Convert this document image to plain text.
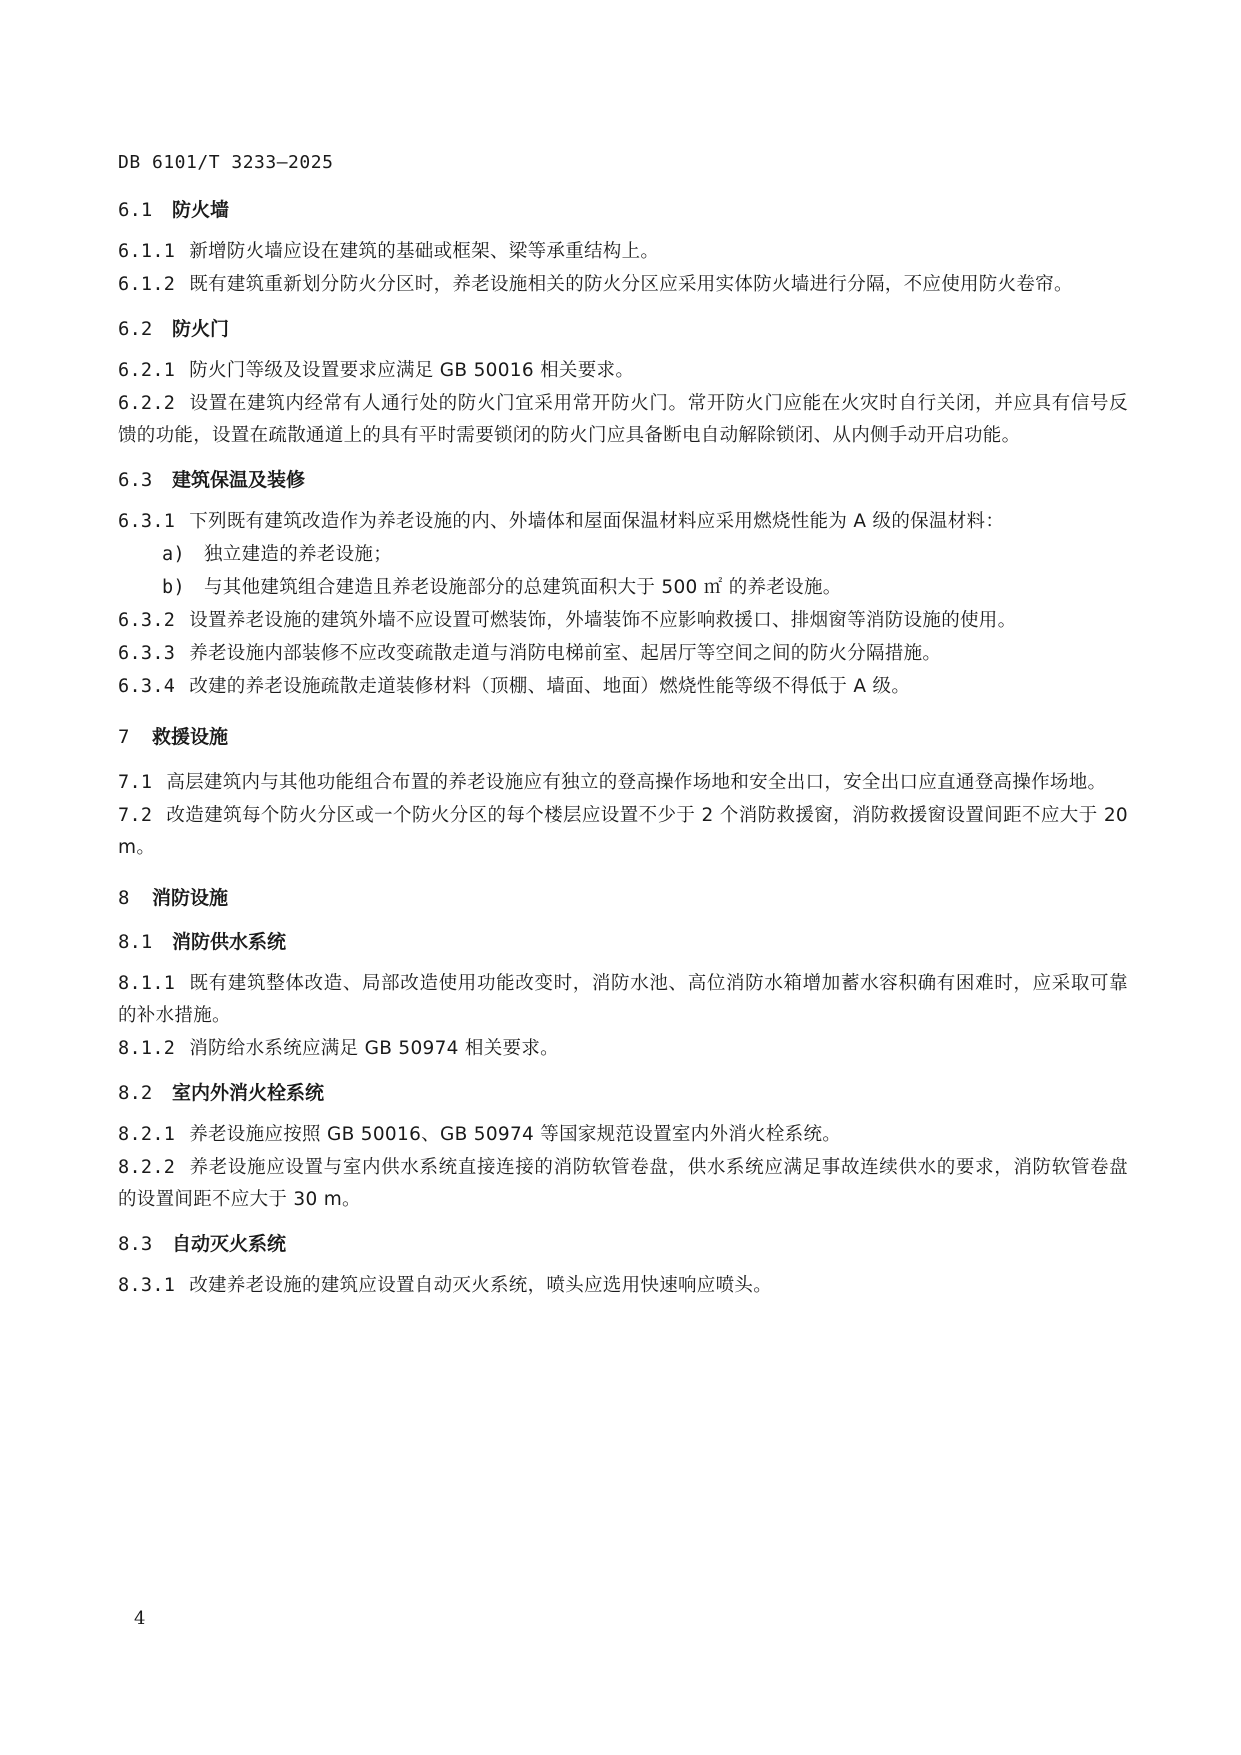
DB 6101/T 3233—2025
6.1 防火墙
6.1.1 新增防火墙应设在建筑的基础或框架、梁等承重结构上。
6.1.2 既有建筑重新划分防火分区时，养老设施相关的防火分区应采用实体防火墙进行分隔，不应使用防火卷帘。
6.2 防火门
6.2.1 防火门等级及设置要求应满足 GB 50016 相关要求。
6.2.2 设置在建筑内经常有人通行处的防火门宜采用常开防火门。常开防火门应能在火灾时自行关闭，并应具有信号反馈的功能，设置在疏散通道上的具有平时需要锁闭的防火门应具备断电自动解除锁闭、从内侧手动开启功能。
6.3 建筑保温及装修
6.3.1 下列既有建筑改造作为养老设施的内、外墙体和屋面保温材料应采用燃烧性能为 A 级的保温材料：
a) 独立建造的养老设施；
b) 与其他建筑组合建造且养老设施部分的总建筑面积大于 500 ㎡ 的养老设施。
6.3.2 设置养老设施的建筑外墙不应设置可燃装饰，外墙装饰不应影响救援口、排烟窗等消防设施的使用。
6.3.3 养老设施内部装修不应改变疏散走道与消防电梯前室、起居厅等空间之间的防火分隔措施。
6.3.4 改建的养老设施疏散走道装修材料（顶棚、墙面、地面）燃烧性能等级不得低于 A 级。
7 救援设施
7.1 高层建筑内与其他功能组合布置的养老设施应有独立的登高操作场地和安全出口，安全出口应直通登高操作场地。
7.2 改造建筑每个防火分区或一个防火分区的每个楼层应设置不少于 2 个消防救援窗，消防救援窗设置间距不应大于 20 m。
8 消防设施
8.1 消防供水系统
8.1.1 既有建筑整体改造、局部改造使用功能改变时，消防水池、高位消防水箱增加蓄水容积确有困难时，应采取可靠的补水措施。
8.1.2 消防给水系统应满足 GB 50974 相关要求。
8.2 室内外消火栓系统
8.2.1 养老设施应按照 GB 50016、GB 50974 等国家规范设置室内外消火栓系统。
8.2.2 养老设施应设置与室内供水系统直接连接的消防软管卷盘，供水系统应满足事故连续供水的要求，消防软管卷盘的设置间距不应大于 30 m。
8.3 自动灭火系统
8.3.1 改建养老设施的建筑应设置自动灭火系统，喷头应选用快速响应喷头。
4
